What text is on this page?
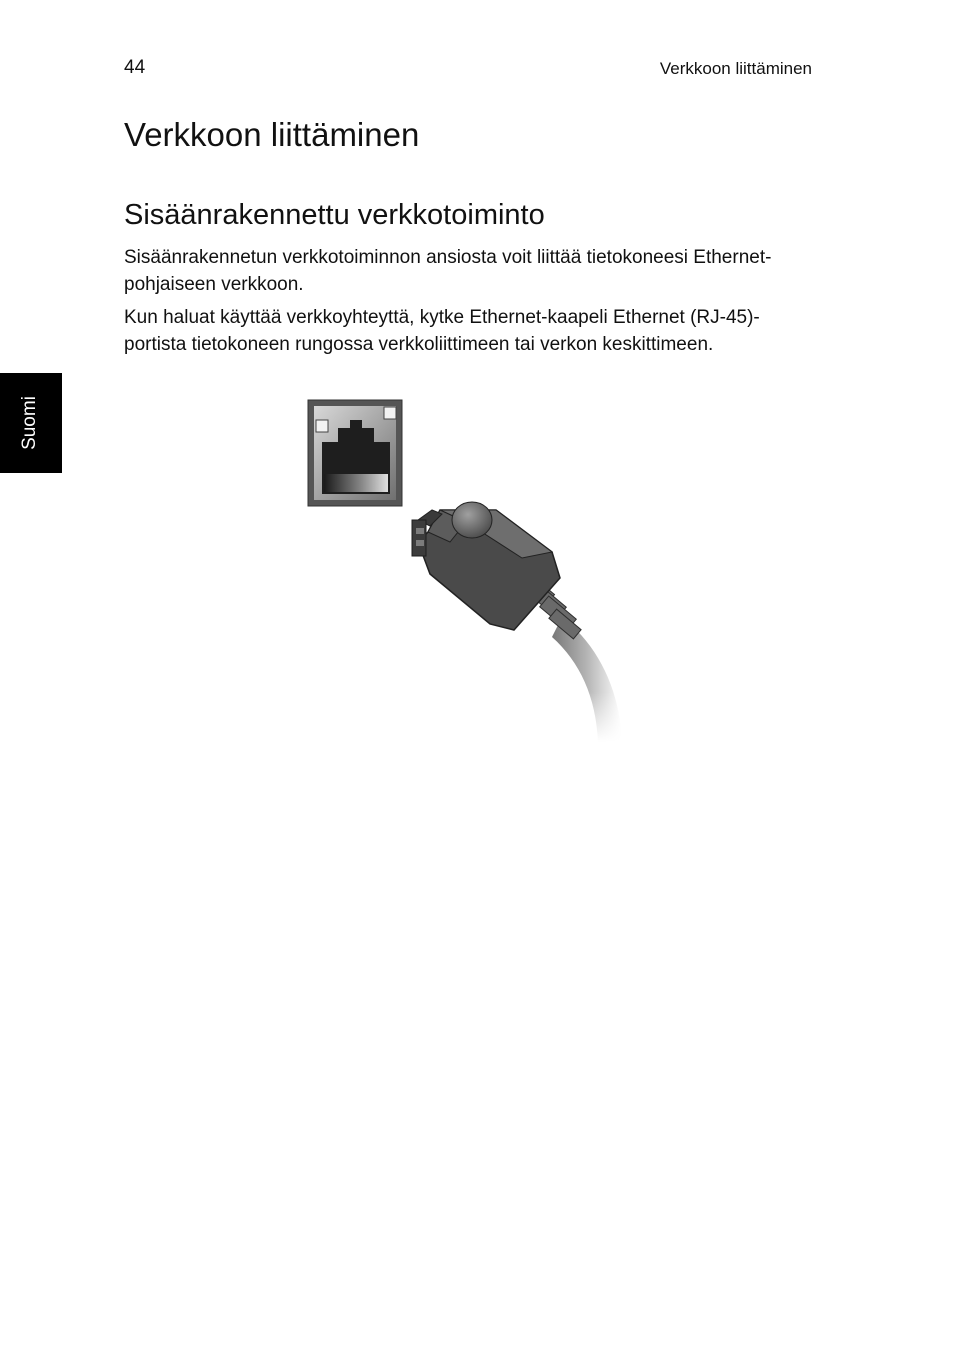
44	Verkkoon liittäminen
Verkkoon liittäminen
Sisäänrakennettu verkkotoiminto

Sisäänrakennetun verkkotoiminnon ansiosta voit liittää tietokoneesi Ethernet-pohjaiseen verkkoon.

Kun haluat käyttää verkkoyhteyttä, kytke Ethernet-kaapeli Ethernet (RJ-45)-portista tietokoneen rungossa verkkoliittimeen tai verkon keskittimeen.

Suomi
